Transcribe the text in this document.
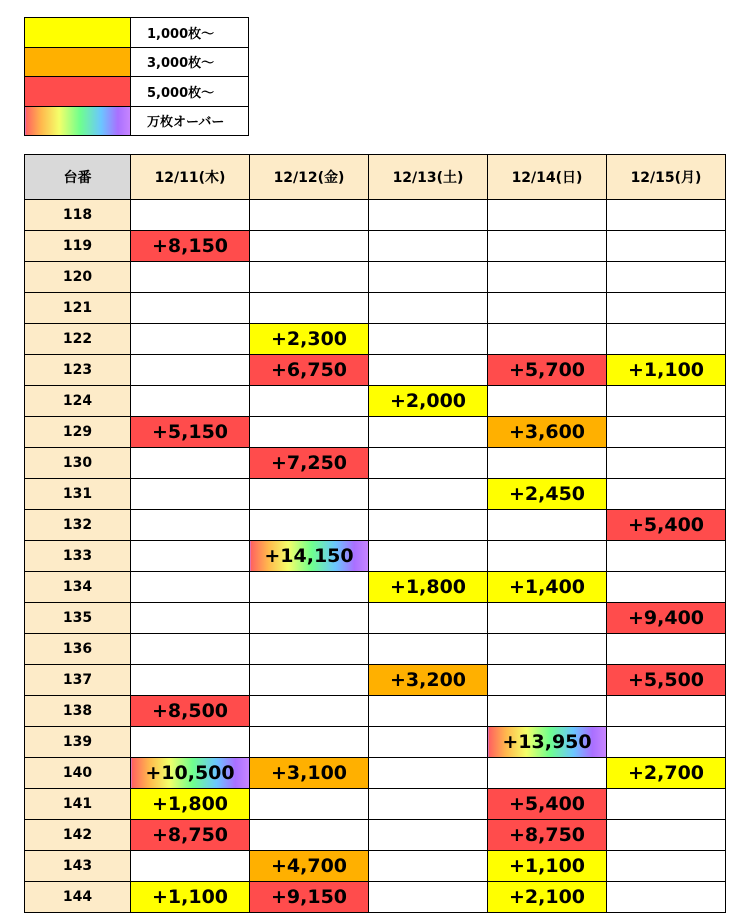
	1,000枚〜
	3,000枚〜
	5,000枚〜
	万枚オーバー
台番	12/11(木)	12/12(金)	12/13(土)	12/14(日)	12/15(月)
118					
119	+8,150				
120					
121					
122		+2,300			
123		+6,750		+5,700	+1,100
124			+2,000		
129	+5,150			+3,600	
130		+7,250			
131				+2,450	
132					+5,400
133		+14,150			
134			+1,800	+1,400	
135					+9,400
136					
137			+3,200		+5,500
138	+8,500				
139				+13,950	
140	+10,500	+3,100			+2,700
141	+1,800			+5,400	
142	+8,750			+8,750	
143		+4,700		+1,100	
144	+1,100	+9,150		+2,100	
